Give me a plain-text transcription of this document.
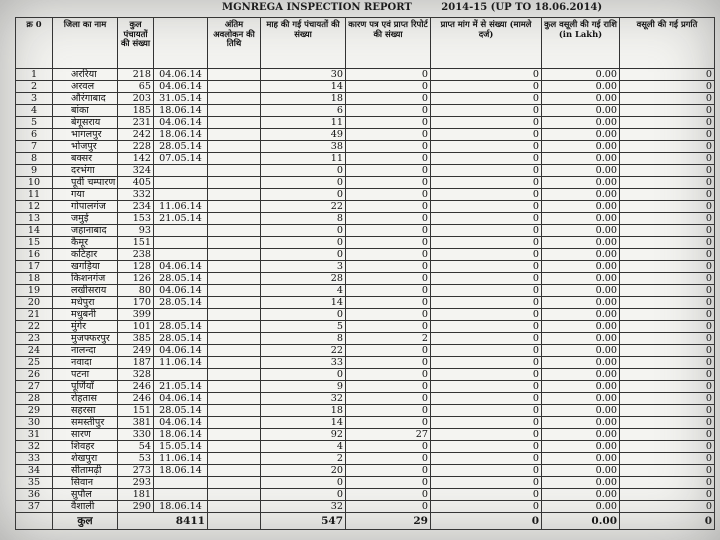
MGNREGA INSPECTION REPORT	2014-15 (UP TO 18.06.2014)
क्र 0	जिला का नाम	कुल पंचायतों की संख्या		अंतिम अवलोकन की तिथि	माह की गई पंचायतों की संख्या	कारण पत्र एवं प्राप्त रिपोर्ट की संख्या	प्राप्त मांग में से संख्या (मामले दर्ज)	कुल वसूली की गई राशि (in Lakh)	वसूली की गई प्रगति
1	अररिया	218	04.06.14		30	0	0	0.00	0
2	अरवल	65	04.06.14		14	0	0	0.00	0
3	औरंगाबाद	203	31.05.14		18	0	0	0.00	0
4	बांका	185	18.06.14		6	0	0	0.00	0
5	बेगूसराय	231	04.06.14		11	0	0	0.00	0
6	भागलपुर	242	18.06.14		49	0	0	0.00	0
7	भोजपुर	228	28.05.14		38	0	0	0.00	0
8	बक्सर	142	07.05.14		11	0	0	0.00	0
9	दरभंगा	324			0	0	0	0.00	0
10	पूर्वी चम्पारण	405			0	0	0	0.00	0
11	गया	332			0	0	0	0.00	0
12	गोपालगंज	234	11.06.14		22	0	0	0.00	0
13	जमुई	153	21.05.14		8	0	0	0.00	0
14	जहानाबाद	93			0	0	0	0.00	0
15	कैमूर	151			0	0	0	0.00	0
16	कटिहार	238			0	0	0	0.00	0
17	खगड़िया	128	04.06.14		3	0	0	0.00	0
18	किशनगंज	126	28.05.14		28	0	0	0.00	0
19	लखीसराय	80	04.06.14		4	0	0	0.00	0
20	मधेपुरा	170	28.05.14		14	0	0	0.00	0
21	मधुबनी	399			0	0	0	0.00	0
22	मुंगेर	101	28.05.14		5	0	0	0.00	0
23	मुजफ्फरपुर	385	28.05.14		8	2	0	0.00	0
24	नालन्दा	249	04.06.14		22	0	0	0.00	0
25	नवादा	187	11.06.14		33	0	0	0.00	0
26	पटना	328			0	0	0	0.00	0
27	पूर्णियाँ	246	21.05.14		9	0	0	0.00	0
28	रोहतास	246	04.06.14		32	0	0	0.00	0
29	सहरसा	151	28.05.14		18	0	0	0.00	0
30	समस्तीपुर	381	04.06.14		14	0	0	0.00	0
31	सारण	330	18.06.14		92	27	0	0.00	0
32	शिवहर	54	15.05.14		4	0	0	0.00	0
33	शेखपुरा	53	11.06.14		2	0	0	0.00	0
34	सीतामढ़ी	273	18.06.14		20	0	0	0.00	0
35	सिवान	293			0	0	0	0.00	0
36	सुपौल	181			0	0	0	0.00	0
37	वैशाली	290	18.06.14		32	0	0	0.00	0
	कुल	8411			547	29	0	0.00	0
